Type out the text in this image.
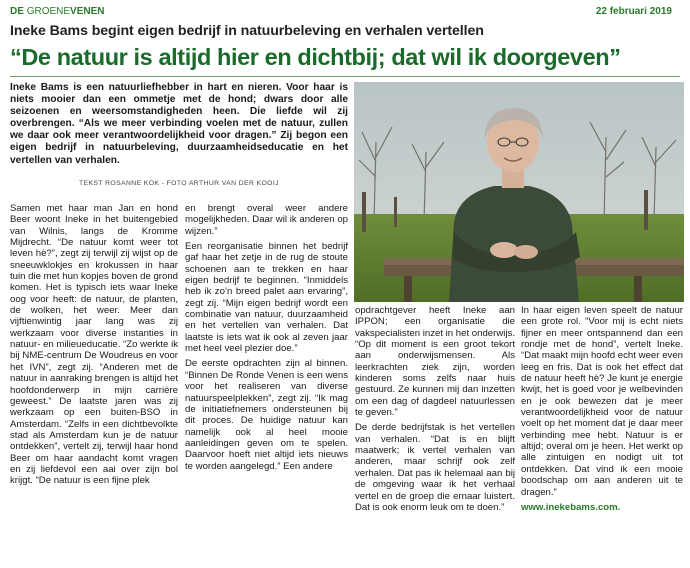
DE GROENEVENEN	22 februari 2019
Ineke Bams begint eigen bedrijf in natuurbeleving en verhalen vertellen
“De natuur is altijd hier en dichtbij; dat wil ik doorgeven”
Ineke Bams is een natuurliefhebber in hart en nieren. Voor haar is niets mooier dan een ommetje met de hond; dwars door alle seizoenen en weersomstandigheden heen. Die liefde wil zij overbrengen. “Als we meer verbinding voelen met de natuur, zullen we daar ook meer verantwoordelijkheid voor dragen.” Zij begon een eigen bedrijf in natuurbeleving, duurzaamheidseducatie en het vertellen van verhalen.
TEKST ROSANNE KOK - FOTO ARTHUR VAN DER KOOIJ

Samen met haar man Jan en hond Beer woont Ineke in het buitengebied van Wilnis, langs de Kromme Mijdrecht. “De natuur komt weer tot leven hè?”, zegt zij terwijl zij wijst op de sneeuwklokjes en krokussen in haar tuin die met hun kopjes boven de grond komen. Het is typisch iets waar Ineke oog voor heeft: de natuur, de planten, de wolken, het weer. Meer dan vijftienwintig jaar lang was zij werkzaam voor diverse instanties in natuur- en milieueducatie. “Zo werkte ik bij NME-centrum De Woudreus en voor het IVN”, zegt zij. “Anderen met de natuur in aanraking brengen is altijd het hoofdonderwerp in mijn carrière geweest.” De laatste jaren was zij werkzaam op een buiten-BSO in Amsterdam. “Zelfs in een dichtbevolkte stad als Amsterdam kun je de natuur ontdekken”, vertelt zij, terwijl haar hond Beer om haar aandacht komt vragen en zij liefdevol een aai over zijn bol krijgt. “De natuur is een fijne plek

en brengt overal weer andere mogelijkheden. Daar wil ik anderen op wijzen.”

Een reorganisatie binnen het bedrijf gaf haar het zetje in de rug de stoute schoenen aan te trekken en haar eigen bedrijf te beginnen. “Inmiddels heb ik zo’n breed palet aan ervaring”, zegt zij. “Mijn eigen bedrijf wordt een combinatie van natuur, duurzaamheid en het vertellen van verhalen. Dat laatste is iets wat ik ook al zeven jaar met heel veel plezier doe.”

De eerste opdrachten zijn al binnen. “Binnen De Ronde Venen is een wens voor het realiseren van diverse natuurspeelplekken”, zegt zij. “Ik mag de initiatiefnemers ondersteunen bij dit proces. De huidige natuur kan namelijk ook al heel mooie aanleidingen geven om te spelen. Daarvoor hoeft niet altijd iets nieuws te worden aangelegd.” Een andere

opdrachtgever heeft Ineke aan IPPON; een organisatie die vakspecialisten inzet in het onderwijs. “Op dit moment is een groot tekort aan onderwijsmensen. Als leerkrachten ziek zijn, worden kinderen soms zelfs naar huis gestuurd. Ze kunnen mij dan inzetten om een dag of dagdeel natuurlessen te geven.”

De derde bedrijfstak is het vertellen van verhalen. “Dat is en blijft maatwerk; ik vertel verhalen van anderen, maar schrijf ook zelf verhalen. Dat pas ik helemaal aan bij de omgeving waar ik het verhaal vertel en de groep die ernaar luistert. Dat is ook enorm leuk om te doen.”

In haar eigen leven speelt de natuur een grote rol. “Voor mij is echt niets fijner en meer ontspannend dan een rondje met de hond”, vertelt Ineke. “Dat maakt mijn hoofd echt weer even leeg en fris. Dat is ook het effect dat de natuur heeft hè? Je kunt je energie kwijt, het is goed voor je welbevinden en je ook bewezen dat je meer verantwoordelijkheid voor de natuur voelt op het moment dat je daar meer verbinding mee hebt. Natuur is er altijd; overal om je heen. Het werkt op alle zintuigen en nodigt uit tot ontdekken. Dat vind ik een mooie boodschap om aan anderen uit te dragen.”

www.inekebams.com.
